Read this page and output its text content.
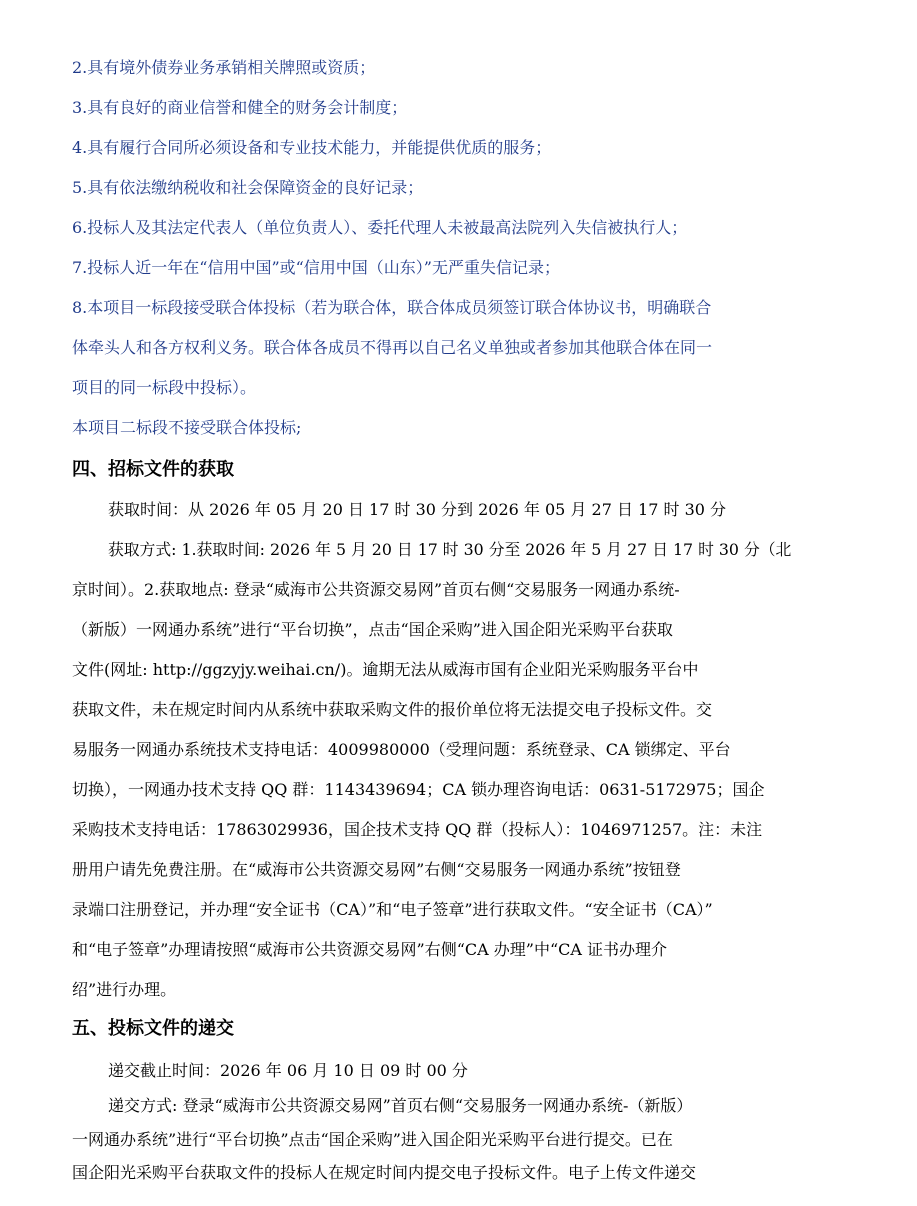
2.具有境外债券业务承销相关牌照或资质；
3.具有良好的商业信誉和健全的财务会计制度；
4.具有履行合同所必须设备和专业技术能力，并能提供优质的服务；
5.具有依法缴纳税收和社会保障资金的良好记录；
6.投标人及其法定代表人（单位负责人）、委托代理人未被最高法院列入失信被执行人；
7.投标人近一年在“信用中国”或“信用中国（山东）”无严重失信记录；
8.本项目一标段接受联合体投标（若为联合体，联合体成员须签订联合体协议书，明确联合
体牵头人和各方权利义务。联合体各成员不得再以自己名义单独或者参加其他联合体在同一
项目的同一标段中投标）。
本项目二标段不接受联合体投标;
四、招标文件的获取
获取时间：从 2026 年 05 月 20 日 17 时 30 分到 2026 年 05 月 27 日 17 时 30 分
获取方式: 1.获取时间: 2026 年 5 月 20 日 17 时 30 分至 2026 年 5 月 27 日 17 时 30 分（北
京时间）。2.获取地点: 登录“威海市公共资源交易网”首页右侧“交易服务一网通办系统-
（新版）一网通办系统”进行“平台切换”，点击“国企采购”进入国企阳光采购平台获取
文件(网址: http://ggzyjy.weihai.cn/)。逾期无法从威海市国有企业阳光采购服务平台中
获取文件，未在规定时间内从系统中获取采购文件的报价单位将无法提交电子投标文件。交
易服务一网通办系统技术支持电话：4009980000（受理问题：系统登录、CA 锁绑定、平台
切换），一网通办技术支持 QQ 群：1143439694；CA 锁办理咨询电话：0631-5172975；国企
采购技术支持电话：17863029936，国企技术支持 QQ 群（投标人）：1046971257。注：未注
册用户请先免费注册。在“威海市公共资源交易网”右侧“交易服务一网通办系统”按钮登
录端口注册登记，并办理“安全证书（CA）”和“电子签章”进行获取文件。“安全证书（CA）”
和“电子签章”办理请按照“威海市公共资源交易网”右侧“CA 办理”中“CA 证书办理介
绍”进行办理。
五、投标文件的递交
递交截止时间：2026 年 06 月 10 日 09 时 00 分
递交方式: 登录“威海市公共资源交易网”首页右侧“交易服务一网通办系统-（新版）
一网通办系统”进行“平台切换”点击“国企采购”进入国企阳光采购平台进行提交。已在
国企阳光采购平台获取文件的投标人在规定时间内提交电子投标文件。电子上传文件递交
